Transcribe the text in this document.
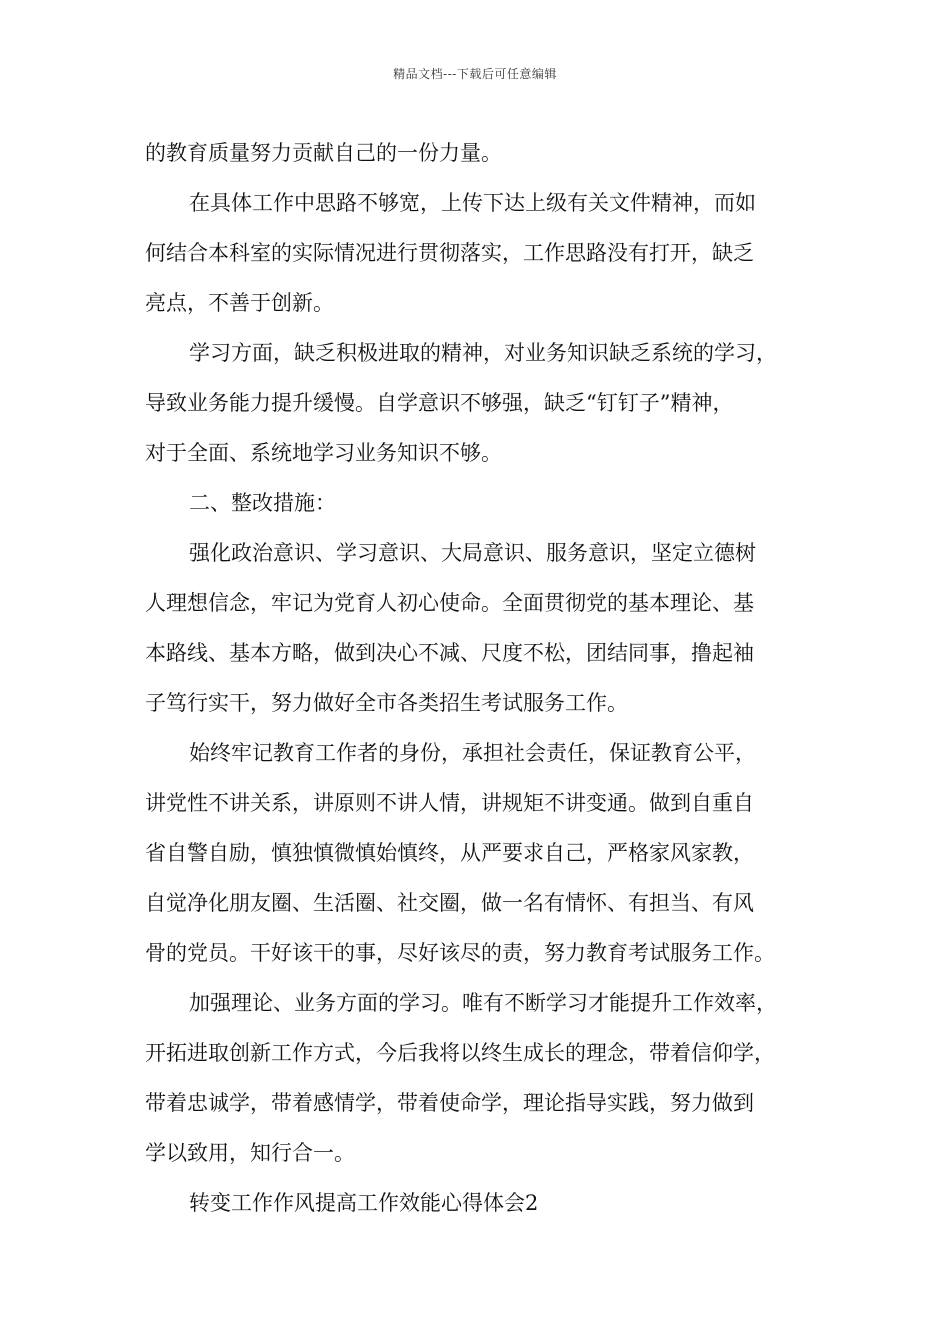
精品文档---下载后可任意编辑
的教育质量努力贡献自己的一份力量。
在具体工作中思路不够宽，上传下达上级有关文件精神，而如
何结合本科室的实际情况进行贯彻落实，工作思路没有打开，缺乏
亮点，不善于创新。
学习方面，缺乏积极进取的精神，对业务知识缺乏系统的学习，
导致业务能力提升缓慢。自学意识不够强，缺乏“钉钉子”精神，
对于全面、系统地学习业务知识不够。
二、整改措施：
强化政治意识、学习意识、大局意识、服务意识，坚定立德树
人理想信念，牢记为党育人初心使命。全面贯彻党的基本理论、基
本路线、基本方略，做到决心不减、尺度不松，团结同事，撸起袖
子笃行实干，努力做好全市各类招生考试服务工作。
始终牢记教育工作者的身份，承担社会责任，保证教育公平，
讲党性不讲关系，讲原则不讲人情，讲规矩不讲变通。做到自重自
省自警自励，慎独慎微慎始慎终，从严要求自己，严格家风家教，
自觉净化朋友圈、生活圈、社交圈，做一名有情怀、有担当、有风
骨的党员。干好该干的事，尽好该尽的责，努力教育考试服务工作。
加强理论、业务方面的学习。唯有不断学习才能提升工作效率，
开拓进取创新工作方式，今后我将以终生成长的理念，带着信仰学，
带着忠诚学，带着感情学，带着使命学，理论指导实践，努力做到
学以致用，知行合一。
转变工作作风提高工作效能心得体会2
